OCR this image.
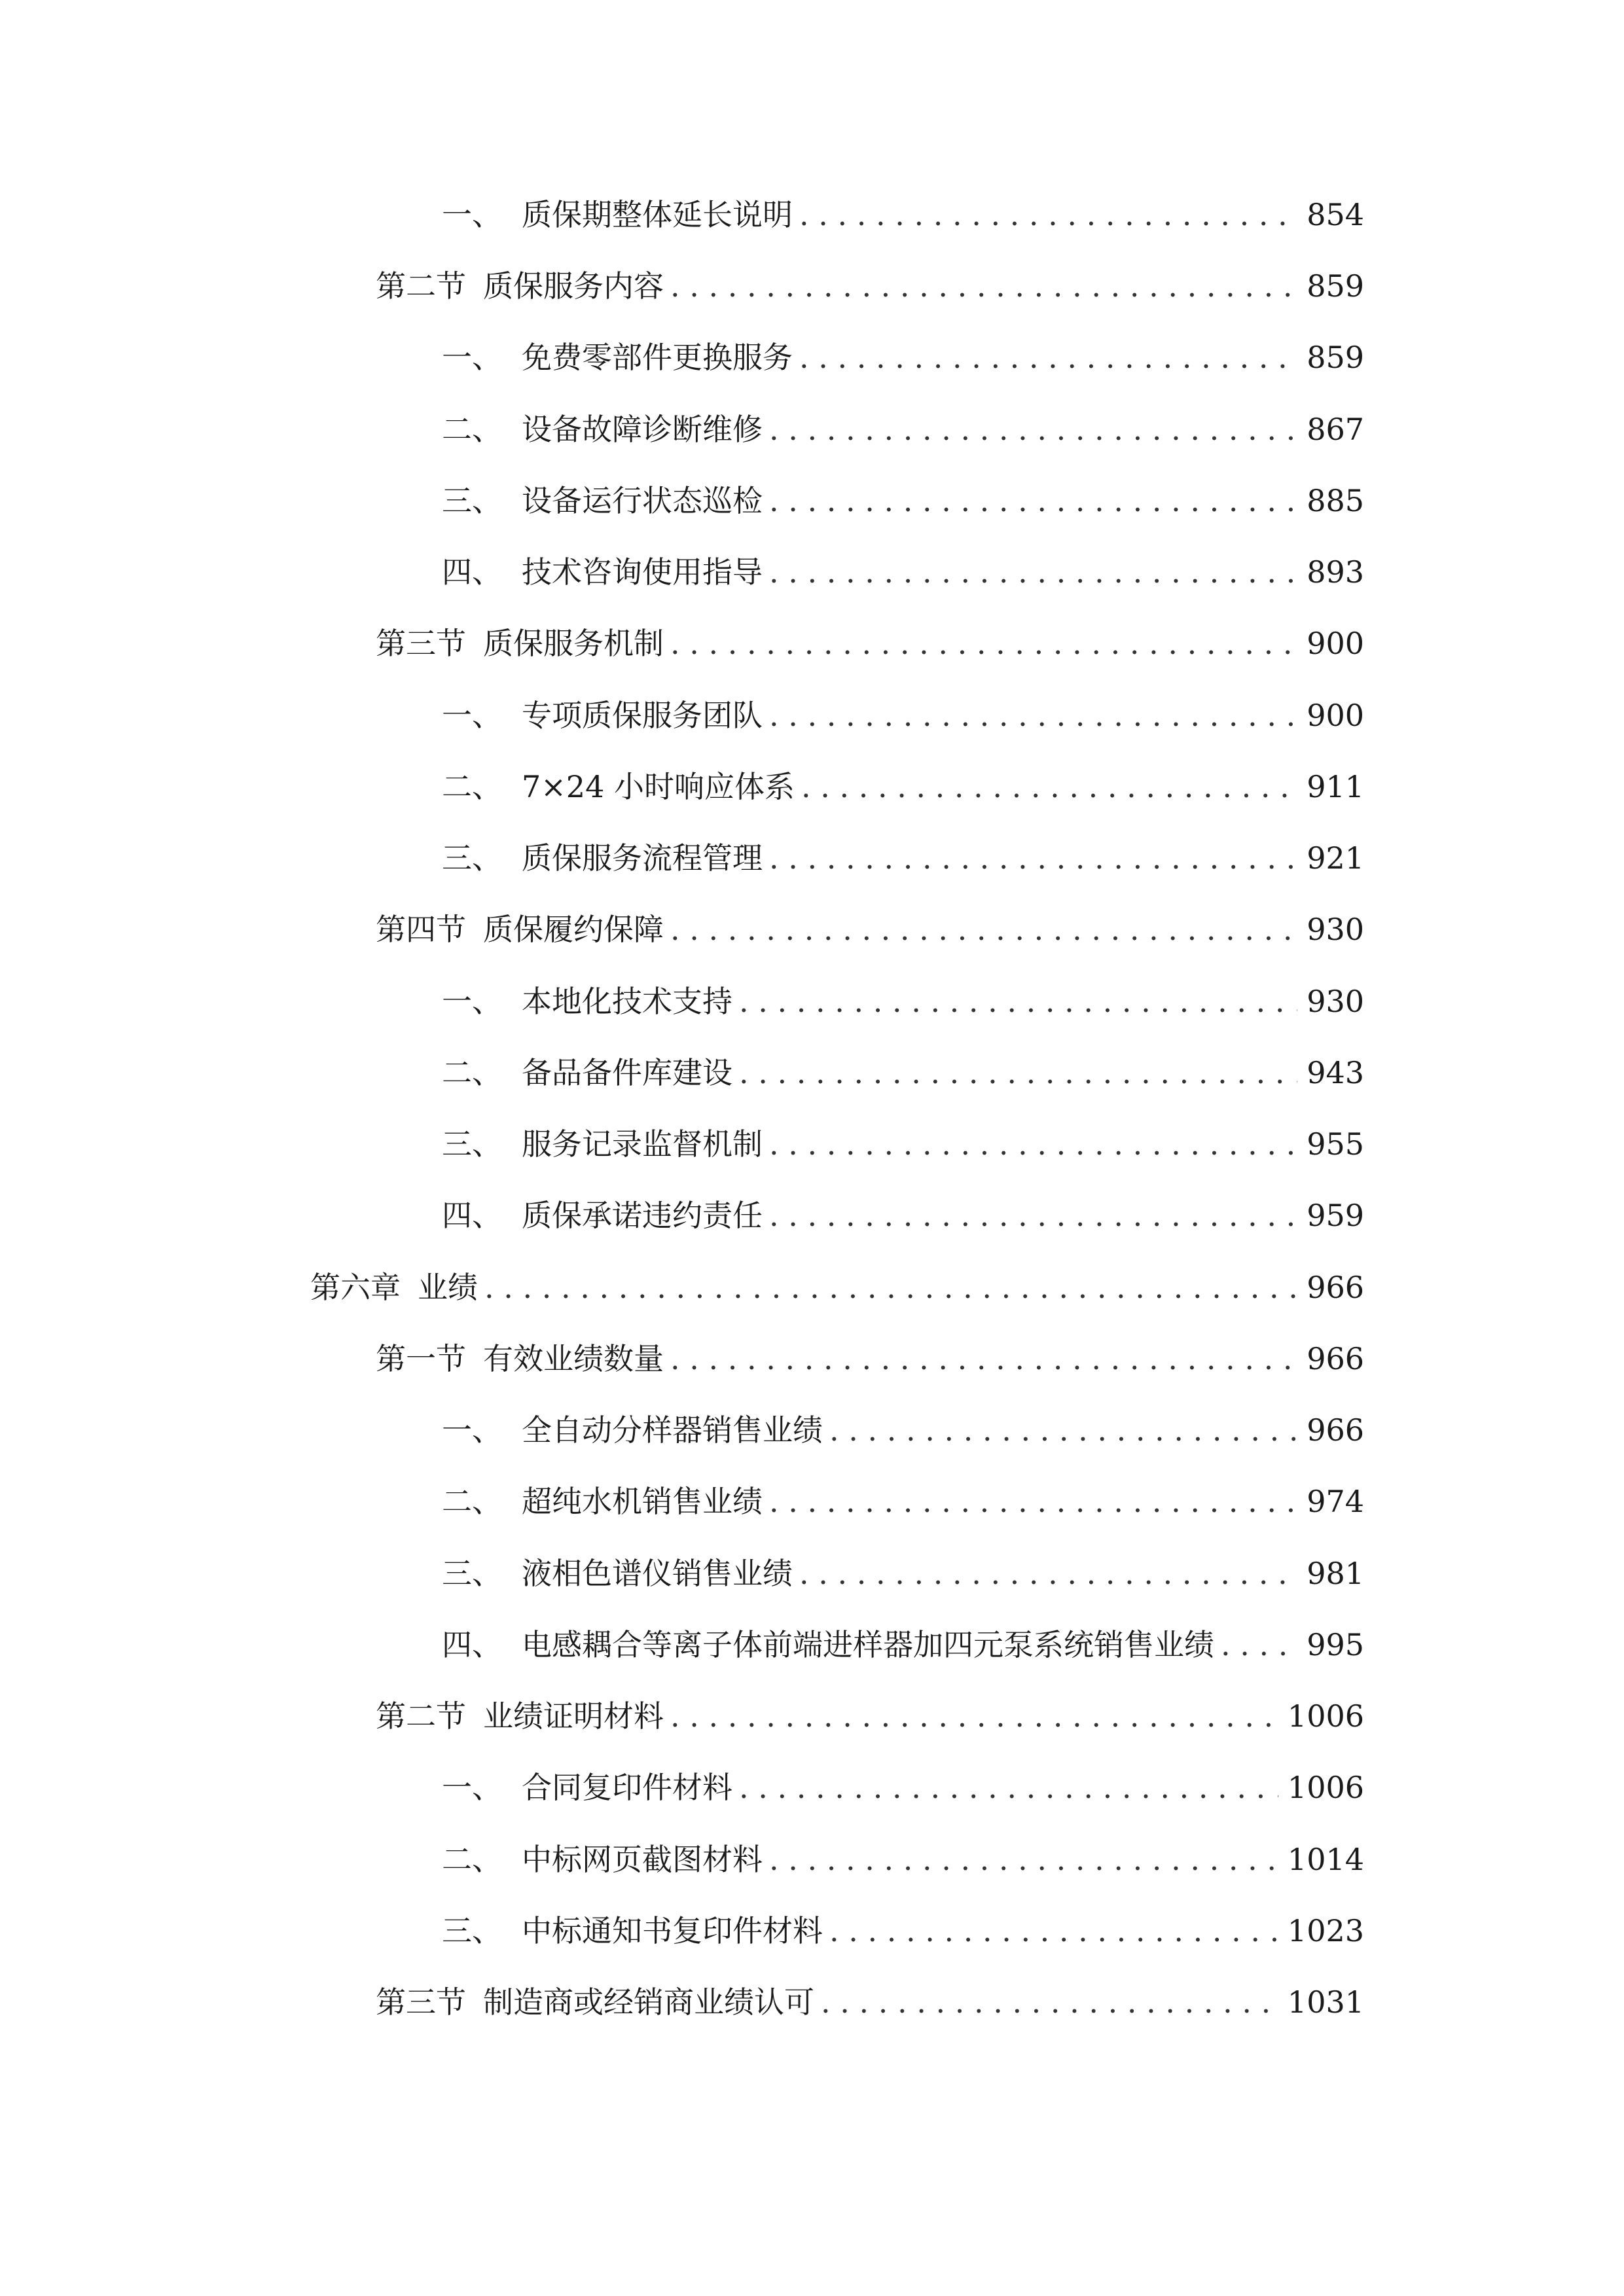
一、 质保期整体延长说明 . . .	854
第二节 质保服务内容 . . .	859
一、 免费零部件更换服务 . . .	859
二、 设备故障诊断维修 . . .	867
三、 设备运行状态巡检 . . .	885
四、 技术咨询使用指导 . . .	893
第三节 质保服务机制 . . .	900
一、 专项质保服务团队 . . .	900
二、 7×24 小时响应体系 . . .	911
三、 质保服务流程管理 . . .	921
第四节 质保履约保障 . . .	930
一、 本地化技术支持 . . .	930
二、 备品备件库建设 . . .	943
三、 服务记录监督机制 . . .	955
四、 质保承诺违约责任 . . .	959
第六章 业绩 . . .	966
第一节 有效业绩数量 . . .	966
一、 全自动分样器销售业绩 . . .	966
二、 超纯水机销售业绩 . . .	974
三、 液相色谱仪销售业绩 . . .	981
四、 电感耦合等离子体前端进样器加四元泵系统销售业绩 . . .	995
第二节 业绩证明材料 . . .	1006
一、 合同复印件材料 . . .	1006
二、 中标网页截图材料 . . .	1014
三、 中标通知书复印件材料 . . .	1023
第三节 制造商或经销商业绩认可 . . .	1031
